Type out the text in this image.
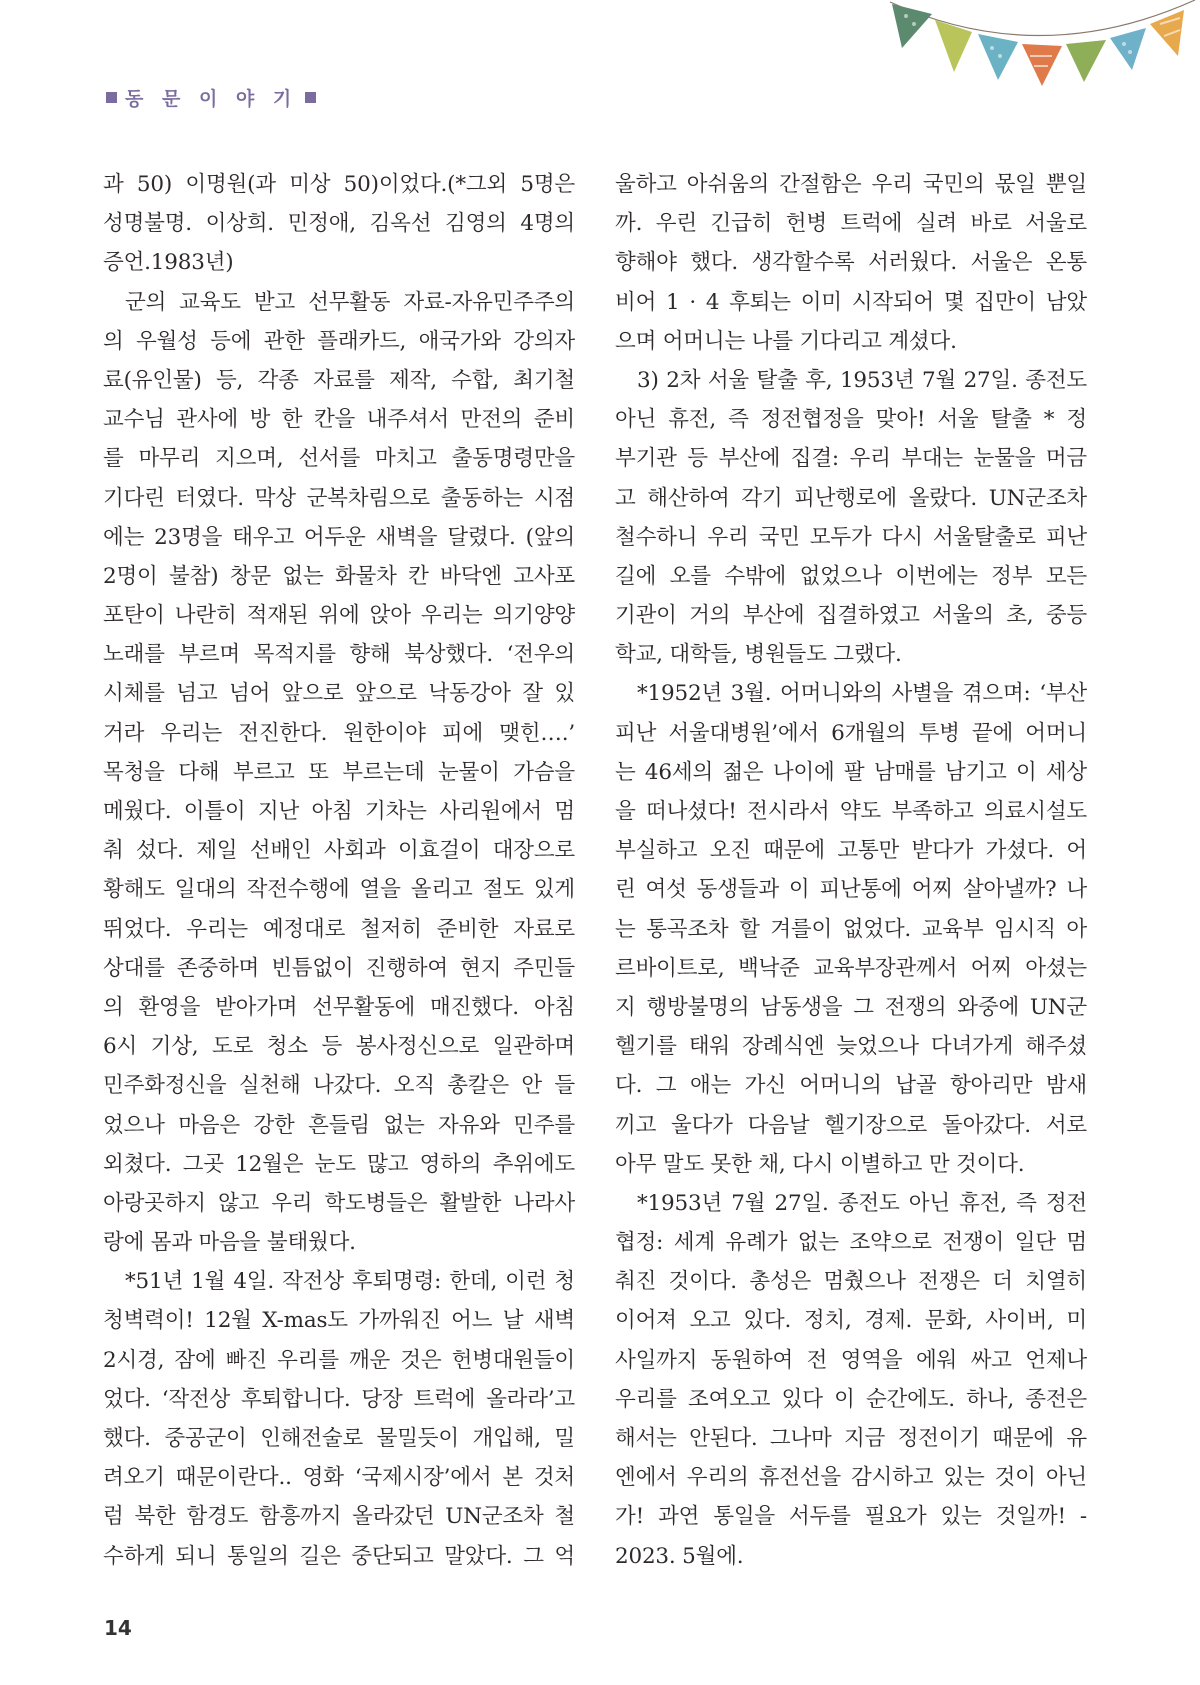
동 문 이 야 기
과 50) 이명원(과 미상 50)이었다.(*그외 5명은
성명불명. 이상희. 민정애, 김옥선 김영의 4명의
증언.1983년)
군의 교육도 받고 선무활동 자료-자유민주주의
의 우월성 등에 관한 플래카드, 애국가와 강의자
료(유인물) 등, 각종 자료를 제작, 수합, 최기철
교수님 관사에 방 한 칸을 내주셔서 만전의 준비
를 마무리 지으며, 선서를 마치고 출동명령만을
기다린 터였다. 막상 군복차림으로 출동하는 시점
에는 23명을 태우고 어두운 새벽을 달렸다. (앞의
2명이 불참) 창문 없는 화물차 칸 바닥엔 고사포
포탄이 나란히 적재된 위에 앉아 우리는 의기양양
노래를 부르며 목적지를 향해 북상했다. ‘전우의
시체를 넘고 넘어 앞으로 앞으로 낙동강아 잘 있
거라 우리는 전진한다. 원한이야 피에 맺힌….’
목청을 다해 부르고 또 부르는데 눈물이 가슴을
메웠다. 이틀이 지난 아침 기차는 사리원에서 멈
춰 섰다. 제일 선배인 사회과 이효걸이 대장으로
황해도 일대의 작전수행에 열을 올리고 절도 있게
뛰었다. 우리는 예정대로 철저히 준비한 자료로
상대를 존중하며 빈틈없이 진행하여 현지 주민들
의 환영을 받아가며 선무활동에 매진했다. 아침
6시 기상, 도로 청소 등 봉사정신으로 일관하며
민주화정신을 실천해 나갔다. 오직 총칼은 안 들
었으나 마음은 강한 흔들림 없는 자유와 민주를
외쳤다. 그곳 12월은 눈도 많고 영하의 추위에도
아랑곳하지 않고 우리 학도병들은 활발한 나라사
랑에 몸과 마음을 불태웠다.
*51년 1월 4일. 작전상 후퇴명령: 한데, 이런 청
청벽력이! 12월 X-mas도 가까워진 어느 날 새벽
2시경, 잠에 빠진 우리를 깨운 것은 헌병대원들이
었다. ‘작전상 후퇴합니다. 당장 트럭에 올라라’고
했다. 중공군이 인해전술로 물밀듯이 개입해, 밀
려오기 때문이란다.. 영화 ‘국제시장’에서 본 것처
럼 북한 함경도 함흥까지 올라갔던 UN군조차 철
수하게 되니 통일의 길은 중단되고 말았다. 그 억
울하고 아쉬움의 간절함은 우리 국민의 몫일 뿐일
까. 우린 긴급히 헌병 트럭에 실려 바로 서울로
향해야 했다. 생각할수록 서러웠다. 서울은 온통
비어 1 · 4 후퇴는 이미 시작되어 몇 집만이 남았
으며 어머니는 나를 기다리고 계셨다.
3) 2차 서울 탈출 후, 1953년 7월 27일. 종전도
아닌 휴전, 즉 정전협정을 맞아! 서울 탈출 * 정
부기관 등 부산에 집결: 우리 부대는 눈물을 머금
고 해산하여 각기 피난행로에 올랐다. UN군조차
철수하니 우리 국민 모두가 다시 서울탈출로 피난
길에 오를 수밖에 없었으나 이번에는 정부 모든
기관이 거의 부산에 집결하였고 서울의 초, 중등
학교, 대학들, 병원들도 그랬다.
*1952년 3월. 어머니와의 사별을 겪으며: ‘부산
피난 서울대병원’에서 6개월의 투병 끝에 어머니
는 46세의 젊은 나이에 팔 남매를 남기고 이 세상
을 떠나셨다! 전시라서 약도 부족하고 의료시설도
부실하고 오진 때문에 고통만 받다가 가셨다. 어
린 여섯 동생들과 이 피난통에 어찌 살아낼까? 나
는 통곡조차 할 겨를이 없었다. 교육부 임시직 아
르바이트로, 백낙준 교육부장관께서 어찌 아셨는
지 행방불명의 남동생을 그 전쟁의 와중에 UN군
헬기를 태워 장례식엔 늦었으나 다녀가게 해주셨
다. 그 애는 가신 어머니의 납골 항아리만 밤새
끼고 울다가 다음날 헬기장으로 돌아갔다. 서로
아무 말도 못한 채, 다시 이별하고 만 것이다.
*1953년 7월 27일. 종전도 아닌 휴전, 즉 정전
협정: 세계 유례가 없는 조약으로 전쟁이 일단 멈
춰진 것이다. 총성은 멈췄으나 전쟁은 더 치열히
이어져 오고 있다. 정치, 경제. 문화, 사이버, 미
사일까지 동원하여 전 영역을 에워 싸고 언제나
우리를 조여오고 있다 이 순간에도. 하나, 종전은
해서는 안된다. 그나마 지금 정전이기 때문에 유
엔에서 우리의 휴전선을 감시하고 있는 것이 아닌
가! 과연 통일을 서두를 필요가 있는 것일까! -
2023. 5월에.
14
